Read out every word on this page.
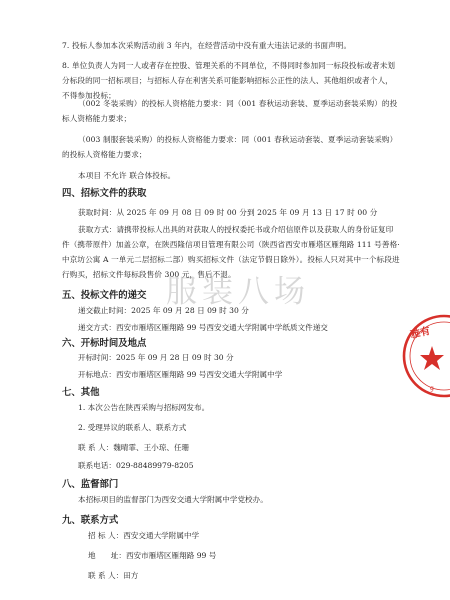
7. 投标人参加本次采购活动前 3 年内，在经营活动中没有重大违法记录的书面声明。
8. 单位负责人为同一人或者存在控股、管理关系的不同单位，不得同时参加同一标段投标或者未划分标段的同一招标项目；与招标人存在利害关系可能影响招标公正性的法人、其他组织或者个人，不得参加投标；
（002 冬装采购）的投标人资格能力要求：同（001 春秋运动套装、夏季运动套装采购）的投标人资格能力要求；
（003 制服套装采购）的投标人资格能力要求：同（001 春秋运动套装、夏季运动套装采购）的投标人资格能力要求；
本项目 不允许 联合体投标。
四、招标文件的获取
获取时间：从 2025 年 09 月 08 日 09 时 00 分到 2025 年 09 月 13 日 17 时 00 分
获取方式：请携带投标人出具的对获取人的授权委托书或介绍信原件以及获取人的身份证复印件（携带原件）加盖公章，在陕西隆信项目管理有限公司（陕西省西安市雁塔区雁翔路 111 号善格·中京坊公寓 A 一单元二层招标二部）购买招标文件（法定节假日除外）。投标人只对其中一个标段进行购买，招标文件每标段售价 300 元，售后不退。
五、投标文件的递交
递交截止时间：2025 年 09 月 28 日 09 时 30 分
递交方式：西安市雁塔区雁翔路 99 号西安交通大学附属中学纸质文件递交
六、开标时间及地点
开标时间：2025 年 09 月 28 日 09 时 30 分
开标地点：西安市雁塔区雁翔路 99 号西安交通大学附属中学
七、其他
1. 本次公告在陕西采购与招标网发布。
2. 受理异议的联系人、联系方式
联 系 人：魏晴霏、王小琼、任珊
联系电话：029-88489979-8205
八、监督部门
本招标项目的监督部门为西安交通大学附属中学党校办。
九、联系方式
招 标 人：西安交通大学附属中学
地　　址：西安市雁塔区雁翔路 99 号
联 系 人：田方
服装八场
g
雅有
